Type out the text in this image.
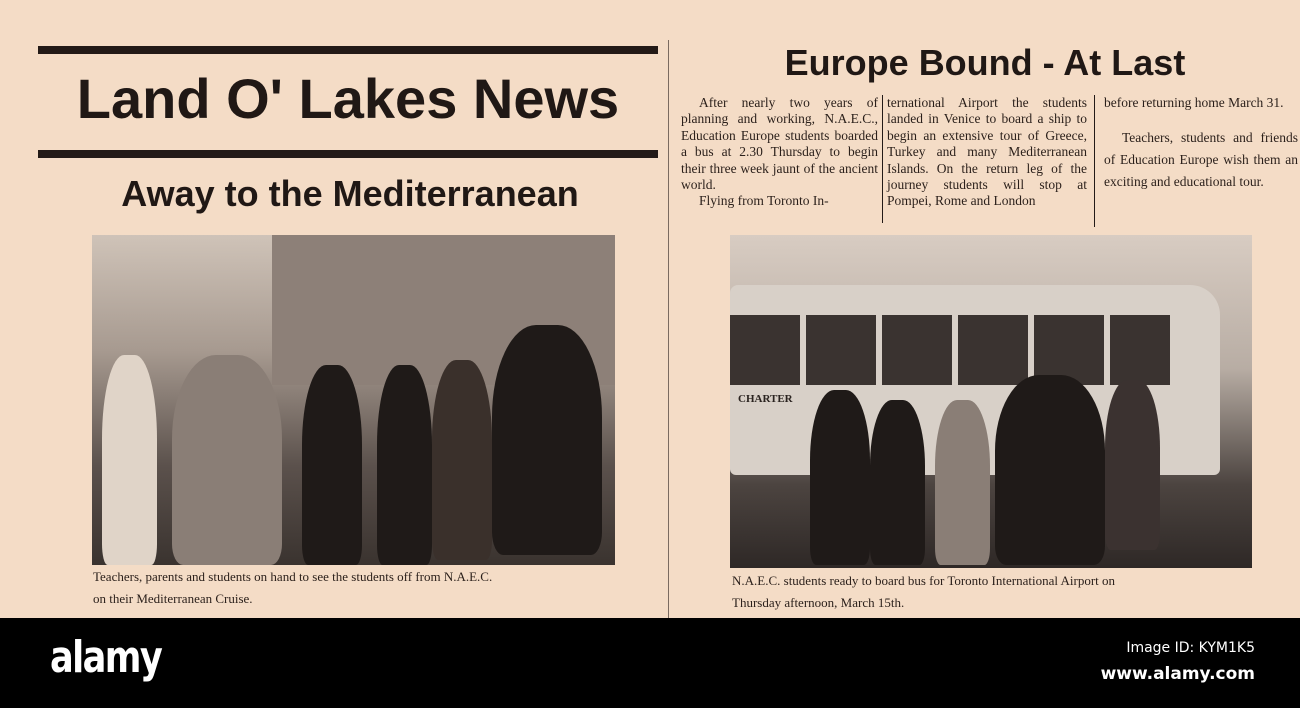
Land O' Lakes News
Away to the Mediterranean
Teachers, parents and students on hand to see the students off from N.A.E.C.
on their Mediterranean Cruise.
Europe Bound - At Last

After nearly two years of planning and working, N.A.E.C., Education Europe students boarded a bus at 2.30 Thursday to begin their three week jaunt of the ancient world.

Flying from Toronto In-

ternational Airport the students landed in Venice to board a ship to begin an extensive tour of Greece, Turkey and many Mediterranean Islands. On the return leg of the journey students will stop at Pompei, Rome and London

before returning home March 31.

Teachers, students and friends of Education Europe wish them an exciting and educational tour.

CHARTER
N.A.E.C. students ready to board bus for Toronto International Airport on
Thursday afternoon, March 15th.
alamy	Image ID: KYM1K5
www.alamy.com
